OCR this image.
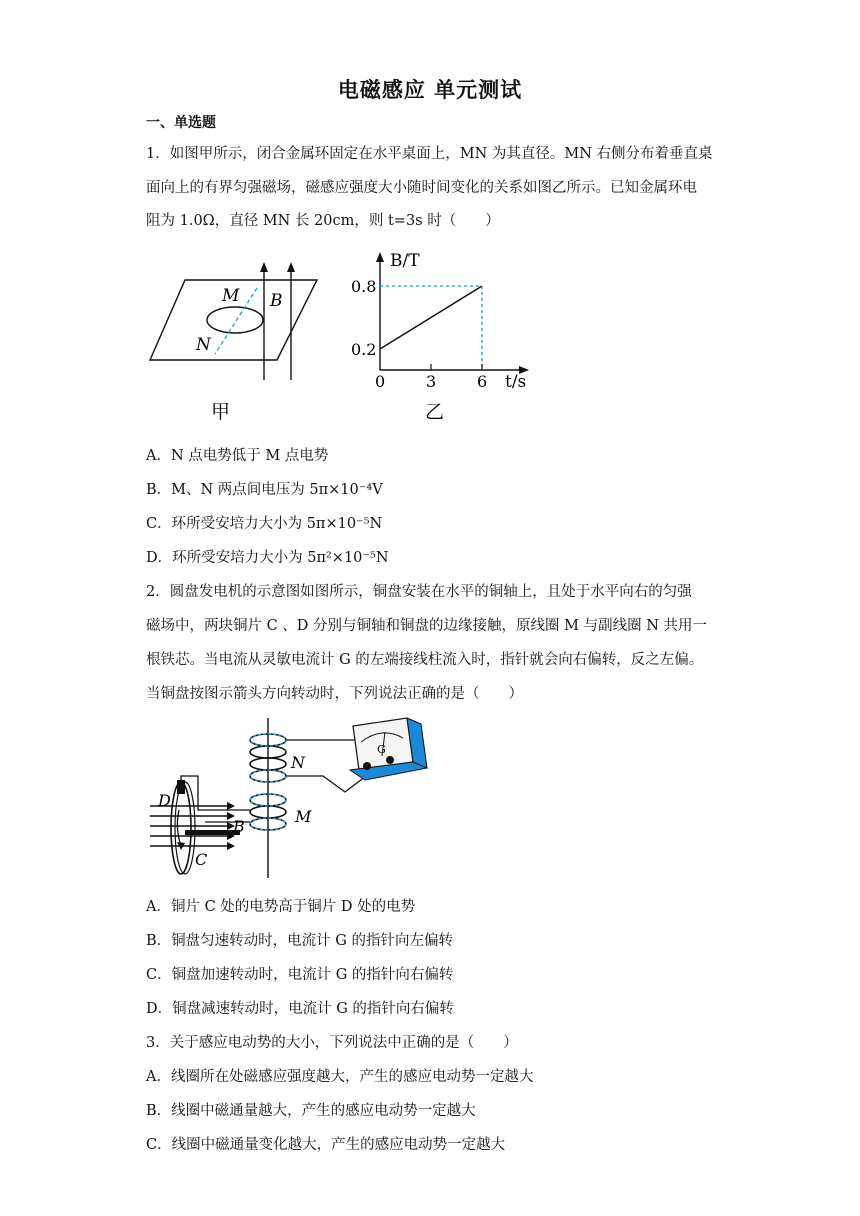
电磁感应 单元测试
一、单选题
1．如图甲所示，闭合金属环固定在水平桌面上，MN 为其直径。MN 右侧分布着垂直桌
面向上的有界匀强磁场，磁感应强度大小随时间变化的关系如图乙所示。已知金属环电
阻为 1.0Ω，直径 MN 长 20cm，则 t=3s 时（　　）
M
N
B
甲
B/T
t/s
乙
0	3	6
0.2
0.8
A．N 点电势低于 M 点电势
B．M、N 两点间电压为 5π×10⁻⁴V
C．环所受安培力大小为 5π×10⁻⁵N
D．环所受安培力大小为 5π²×10⁻⁵N
2．圆盘发电机的示意图如图所示，铜盘安装在水平的铜轴上，且处于水平向右的匀强
磁场中，两块铜片 C 、D 分别与铜轴和铜盘的边缘接触，原线圈 M 与副线圈 N 共用一
根铁芯。当电流从灵敏电流计 G 的左端接线柱流入时，指针就会向右偏转，反之左偏。
当铜盘按图示箭头方向转动时，下列说法正确的是（　　）
G
D
C
B
M
N
A．铜片 C 处的电势高于铜片 D 处的电势
B．铜盘匀速转动时，电流计 G 的指针向左偏转
C．铜盘加速转动时，电流计 G 的指针向右偏转
D．铜盘减速转动时，电流计 G 的指针向右偏转
3．关于感应电动势的大小，下列说法中正确的是（　　）
A．线圈所在处磁感应强度越大，产生的感应电动势一定越大
B．线圈中磁通量越大，产生的感应电动势一定越大
C．线圈中磁通量变化越大，产生的感应电动势一定越大
